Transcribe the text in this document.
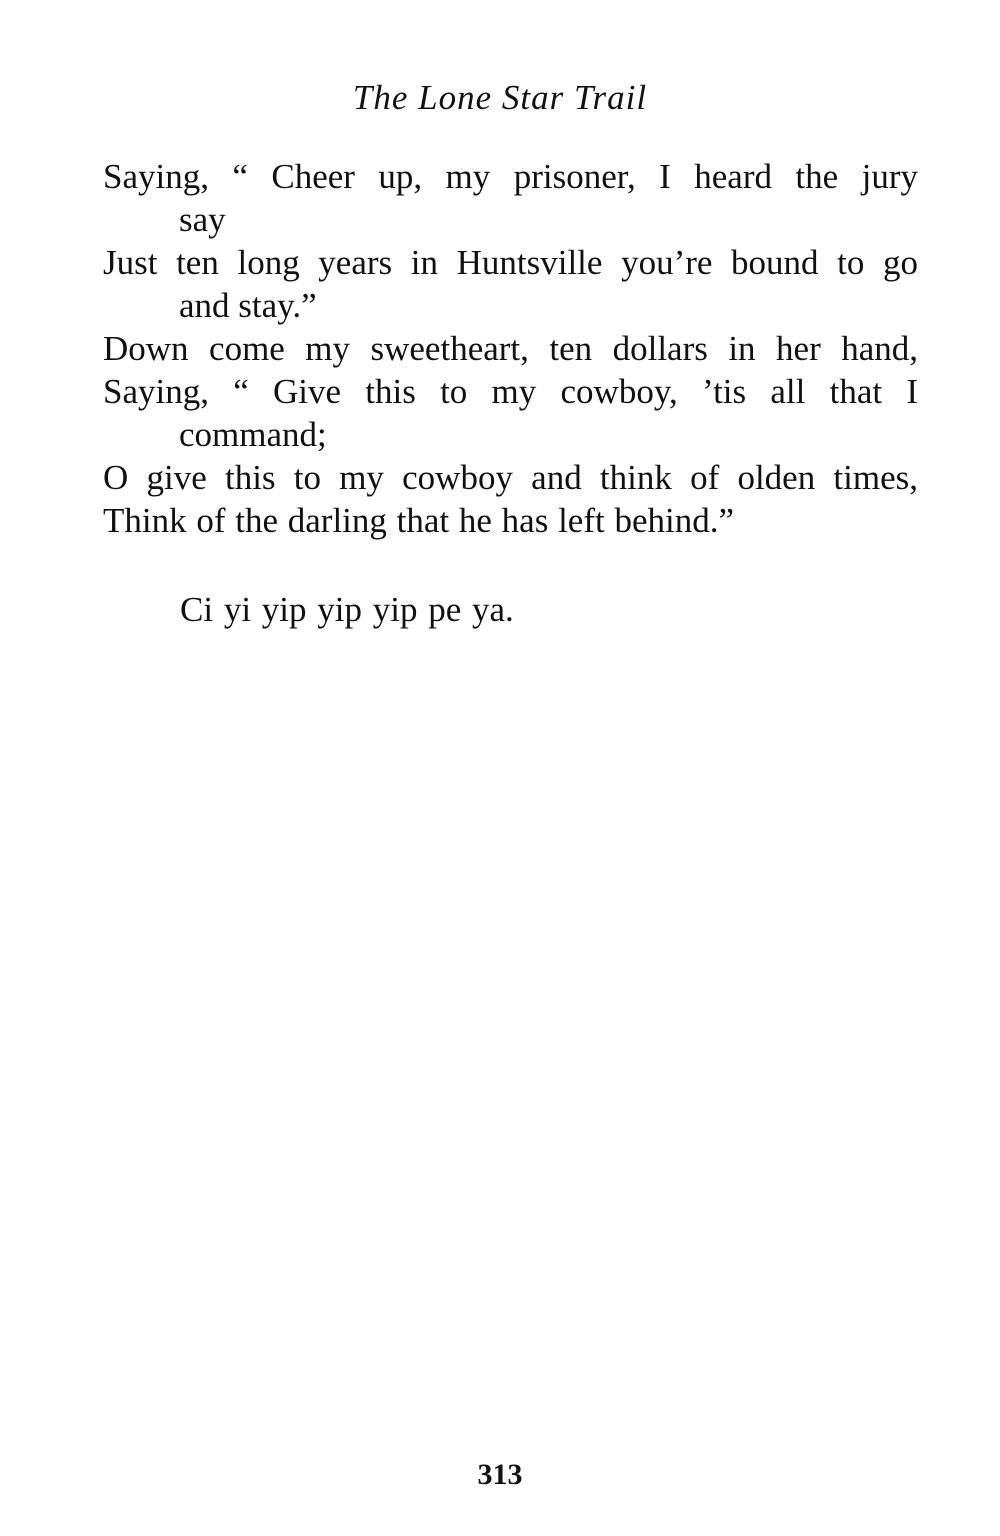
The Lone Star Trail
Saying, “ Cheer up, my prisoner, I heard the jury
say
Just ten long years in Huntsville you’re bound to go
and stay.”
Down come my sweetheart, ten dollars in her hand,
Saying, “ Give this to my cowboy, ’tis all that I
command;
O give this to my cowboy and think of olden times,
Think of the darling that he has left behind.”
Ci yi yip yip yip pe ya.
313
